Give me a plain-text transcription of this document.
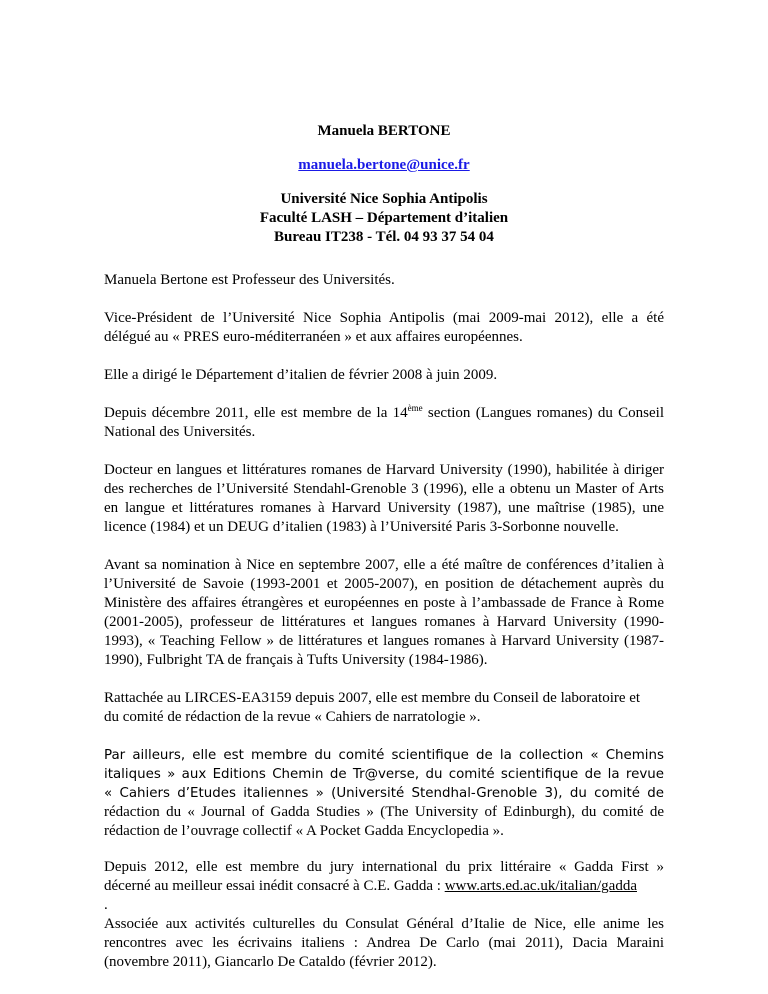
Manuela BERTONE
manuela.bertone@unice.fr
Université Nice Sophia Antipolis
Faculté LASH – Département d’italien
Bureau IT238 - Tél. 04 93 37 54 04
Manuela Bertone est Professeur des Universités.
Vice-Président de l’Université Nice Sophia Antipolis (mai 2009-mai 2012), elle a été
délégué au « PRES euro-méditerranéen » et aux affaires européennes.
Elle a dirigé le Département d’italien de février 2008 à juin 2009.
Depuis décembre 2011, elle est membre de la 14ème section (Langues romanes) du Conseil
National des Universités.
Docteur en langues et littératures romanes de Harvard University (1990), habilitée à diriger
des recherches de l’Université Stendahl-Grenoble 3 (1996), elle a obtenu un Master of Arts
en langue et littératures romanes à Harvard University (1987), une maîtrise (1985), une
licence (1984) et un DEUG d’italien (1983) à l’Université Paris 3-Sorbonne nouvelle.
Avant sa nomination à Nice en septembre 2007, elle a été maître de conférences d’italien à
l’Université de Savoie (1993-2001 et 2005-2007), en position de détachement auprès du
Ministère des affaires étrangères et européennes en poste à l’ambassade de France à Rome
(2001-2005), professeur de littératures et langues romanes à Harvard University (1990-
1993), « Teaching Fellow » de littératures et langues romanes à Harvard University (1987-
1990), Fulbright TA de français à Tufts University (1984-1986).
Rattachée au LIRCES-EA3159 depuis 2007, elle est membre du Conseil de laboratoire et
du comité de rédaction de la revue « Cahiers de narratologie ».
Par ailleurs, elle est membre du comité scientifique de la collection « Chemins
italiques » aux Editions Chemin de Tr@verse, du comité scientifique de la revue
« Cahiers d’Etudes italiennes » (Université Stendhal-Grenoble 3), du comité de
rédaction du « Journal of Gadda Studies » (The University of Edinburgh), du comité de
rédaction de l’ouvrage collectif « A Pocket Gadda Encyclopedia ».
Depuis 2012, elle est membre du jury international du prix littéraire « Gadda First »
décerné au meilleur essai inédit consacré à C.E. Gadda : www.arts.ed.ac.uk/italian/gadda
.
Associée aux activités culturelles du Consulat Général d’Italie de Nice, elle anime les
rencontres avec les écrivains italiens : Andrea De Carlo (mai 2011), Dacia Maraini
(novembre 2011), Giancarlo De Cataldo (février 2012).
